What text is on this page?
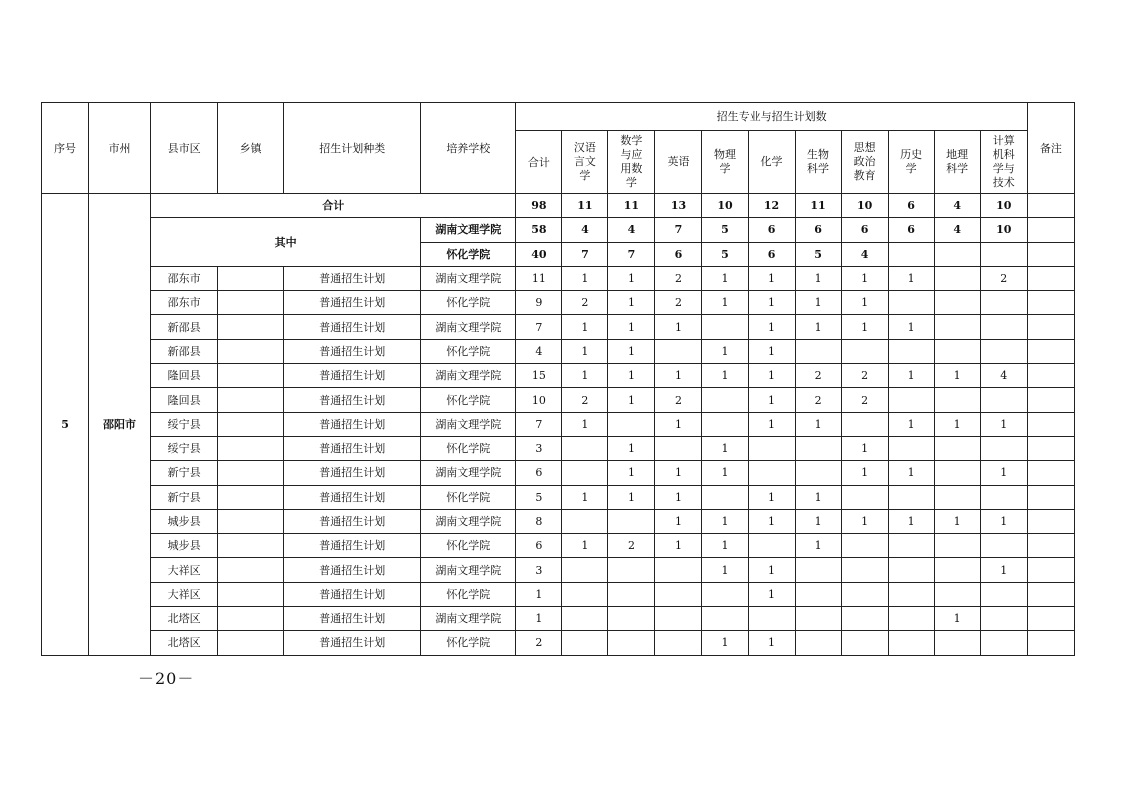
序号	市州	县市区	乡镇	招生计划种类	培养学校	招生专业与招生计划数											备注
						合计	汉语言文学	数学与应用数学	英语	物理学	化学	生物科学	思想政治教育	历史学	地理科学	计算机科学与技术	
5	邵阳市	合计				98	11	11	13	10	12	11	10	6	4	10	
		其中			湖南文理学院	58	4	4	7	5	6	6	6	6	4	10	
					怀化学院	40	7	7	6	5	6	5	4				
		邵东市		普通招生计划	湖南文理学院	11	1	1	2	1	1	1	1	1		2	
		邵东市		普通招生计划	怀化学院	9	2	1	2	1	1	1	1				
		新邵县		普通招生计划	湖南文理学院	7	1	1	1		1	1	1	1			
		新邵县		普通招生计划	怀化学院	4	1	1		1	1						
		隆回县		普通招生计划	湖南文理学院	15	1	1	1	1	1	2	2	1	1	4	
		隆回县		普通招生计划	怀化学院	10	2	1	2		1	2	2				
		绥宁县		普通招生计划	湖南文理学院	7	1		1		1	1		1	1	1	
		绥宁县		普通招生计划	怀化学院	3		1		1			1				
		新宁县		普通招生计划	湖南文理学院	6		1	1	1			1	1		1	
		新宁县		普通招生计划	怀化学院	5	1	1	1		1	1					
		城步县		普通招生计划	湖南文理学院	8			1	1	1	1	1	1	1	1	
		城步县		普通招生计划	怀化学院	6	1	2	1	1		1					
		大祥区		普通招生计划	湖南文理学院	3				1	1					1	
		大祥区		普通招生计划	怀化学院	1					1						
		北塔区		普通招生计划	湖南文理学院	1									1		
		北塔区		普通招生计划	怀化学院	2				1	1						
－20－
